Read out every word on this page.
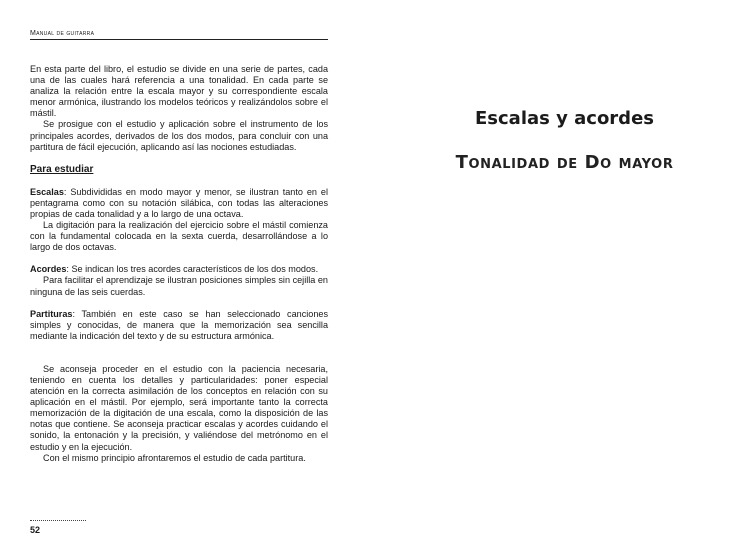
Manual de guitarra

En esta parte del libro, el estudio se divide en una serie de partes, cada una de las cuales hará referencia a una tonalidad. En cada parte se analiza la relación entre la escala mayor y su correspondiente escala menor armónica, ilustrando los modelos teóricos y realizándolos sobre el mástil.

Se prosigue con el estudio y aplicación sobre el instrumento de los principales acordes, derivados de los dos modos, para concluir con una partitura de fácil ejecución, aplicando así las nociones estudiadas.

Para estudiar

Escalas: Subdivididas en modo mayor y menor, se ilustran tanto en el pentagrama como con su notación silábica, con todas las alteraciones propias de cada tonalidad y a lo largo de una octava.

La digitación para la realización del ejercicio sobre el mástil comienza con la fundamental colocada en la sexta cuerda, desarrollándose a lo largo de dos octavas.

Acordes: Se indican los tres acordes característicos de los dos modos.

Para facilitar el aprendizaje se ilustran posiciones simples sin cejilla en ninguna de las seis cuerdas.

Partituras: También en este caso se han seleccionado canciones simples y conocidas, de manera que la memorización sea sencilla mediante la indicación del texto y de su estructura armónica.

Se aconseja proceder en el estudio con la paciencia necesaria, teniendo en cuenta los detalles y particularidades: poner especial atención en la correcta asimilación de los conceptos en relación con su aplicación en el mástil. Por ejemplo, será importante tanto la correcta memorización de la digitación de una escala, como la disposición de las notas que contiene. Se aconseja practicar escalas y acordes cuidando el sonido, la entonación y la precisión, y valiéndose del metrónomo en el estudio y en la ejecución.

Con el mismo principio afrontaremos el estudio de cada partitura.

52
Escalas y acordes
Tonalidad de Do mayor
